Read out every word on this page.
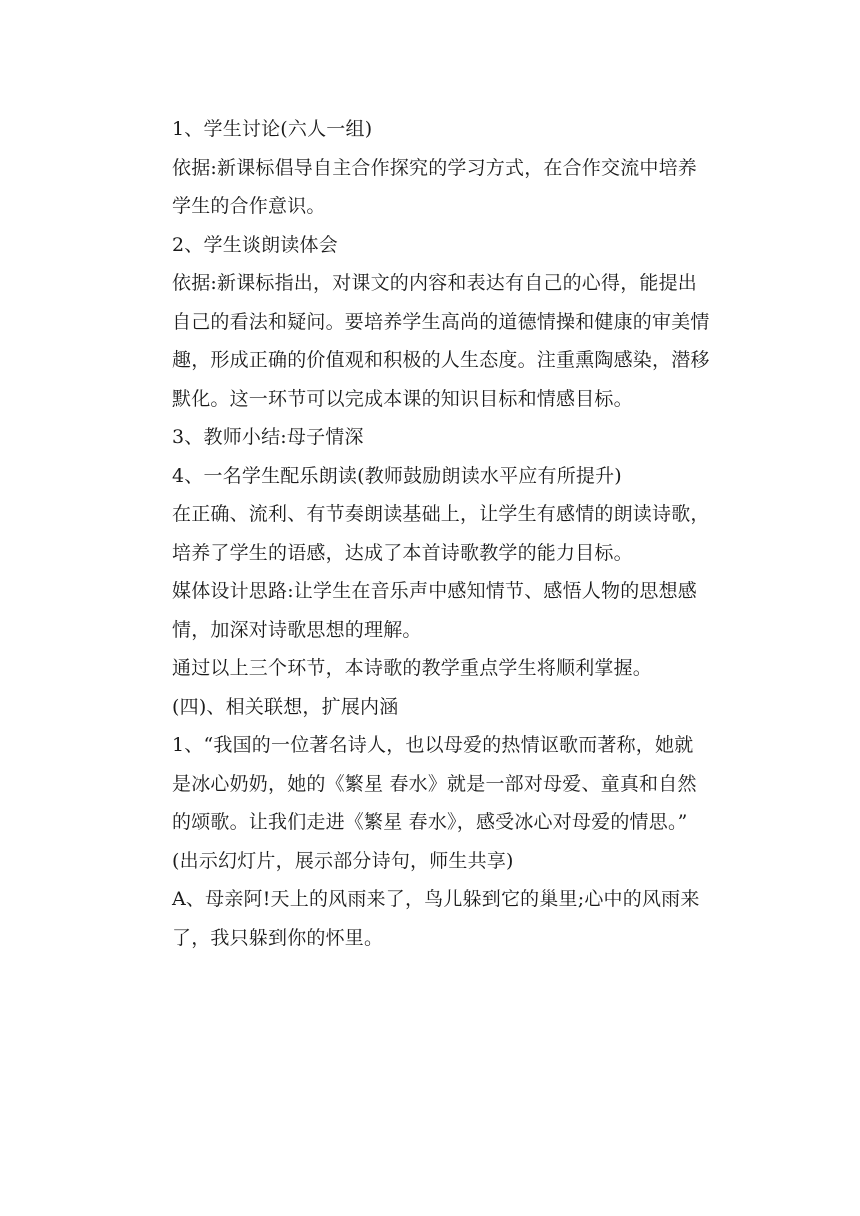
1、学生讨论(六人一组)

依据:新课标倡导自主合作探究的学习方式，在合作交流中培养

学生的合作意识。

2、学生谈朗读体会

依据:新课标指出，对课文的内容和表达有自己的心得，能提出

自己的看法和疑问。要培养学生高尚的道德情操和健康的审美情

趣，形成正确的价值观和积极的人生态度。注重熏陶感染，潜移

默化。这一环节可以完成本课的知识目标和情感目标。

3、教师小结:母子情深

4、一名学生配乐朗读(教师鼓励朗读水平应有所提升)

在正确、流利、有节奏朗读基础上，让学生有感情的朗读诗歌，

培养了学生的语感，达成了本首诗歌教学的能力目标。

媒体设计思路:让学生在音乐声中感知情节、感悟人物的思想感

情，加深对诗歌思想的理解。

通过以上三个环节，本诗歌的教学重点学生将顺利掌握。

(四)、相关联想，扩展内涵

1、“我国的一位著名诗人，也以母爱的热情讴歌而著称，她就

是冰心奶奶，她的《繁星 春水》就是一部对母爱、童真和自然

的颂歌。让我们走进《繁星 春水》，感受冰心对母爱的情思。”

(出示幻灯片，展示部分诗句，师生共享)

A、母亲阿!天上的风雨来了，鸟儿躲到它的巢里;心中的风雨来

了，我只躲到你的怀里。
